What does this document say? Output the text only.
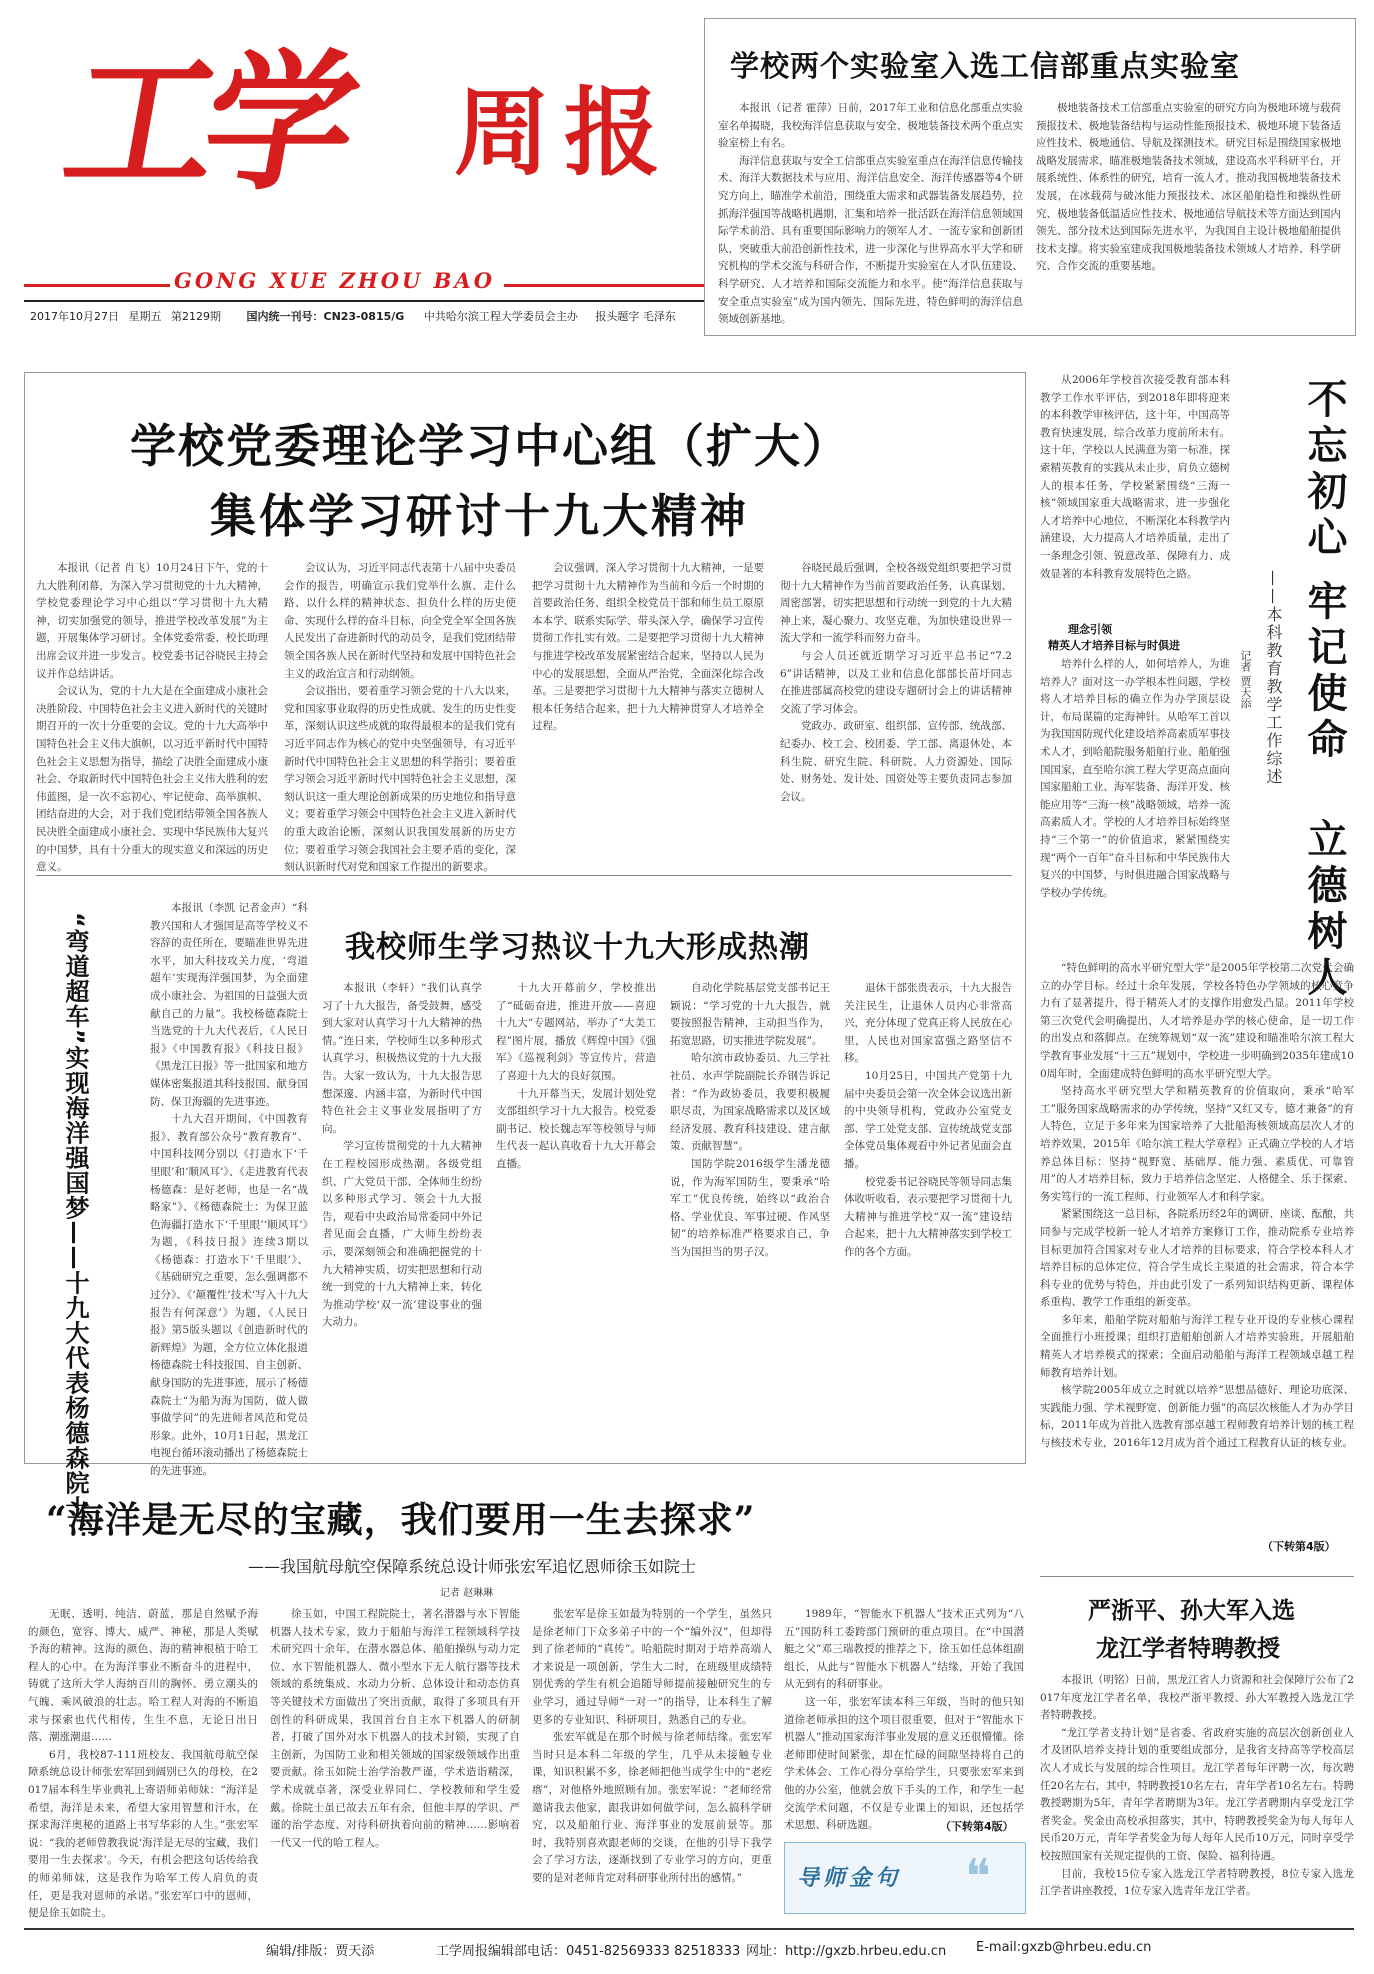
工学 周报
GONG XUE ZHOU BAO
2017年10月27日 星期五 第2129期 国内统一刊号：CN23-0815/G 中共哈尔滨工程大学委员会主办 报头题字 毛泽东
学校两个实验室入选工信部重点实验室

本报讯（记者 霍萍）日前，2017年工业和信息化部重点实验室名单揭晓，我校海洋信息获取与安全、极地装备技术两个重点实验室榜上有名。

海洋信息获取与安全工信部重点实验室重点在海洋信息传输技术、海洋大数据技术与应用、海洋信息安全、海洋传感器等4个研究方向上，瞄准学术前沿，围绕重大需求和武器装备发展趋势，拉抓海洋强国等战略机遇期，汇集和培养一批活跃在海洋信息领域国际学术前沿、具有重要国际影响力的领军人才、一流专家和创新团队，突破重大前沿创新性技术，进一步深化与世界高水平大学和研究机构的学术交流与科研合作，不断提升实验室在人才队伍建设、科学研究、人才培养和国际交流能力和水平。使“海洋信息获取与安全重点实验室”成为国内领先、国际先进、特色鲜明的海洋信息领域创新基地。

极地装备技术工信部重点实验室的研究方向为极地环境与载荷预报技术、极地装备结构与运动性能预报技术、极地环境下装备适应性技术、极地通信、导航及探测技术。研究目标是围绕国家极地战略发展需求，瞄准极地装备技术领域，建设高水平科研平台，开展系统性、体系性的研究，培育一流人才，推动我国极地装备技术发展，在冰载荷与破冰能力预报技术、冰区船舶稳性和操纵性研究、极地装备低温适应性技术、极地通信导航技术等方面达到国内领先、部分技术达到国际先进水平，为我国自主设计极地船舶提供技术支撑。将实验室建成我国极地装备技术领域人才培养、科学研究、合作交流的重要基地。

学校党委理论学习中心组（扩大）
集体学习研讨十九大精神

本报讯（记者 肖飞）10月24日下午，党的十九大胜利闭幕，为深入学习贯彻党的十九大精神，学校党委理论学习中心组以“学习贯彻十九大精神，切实加强党的领导，推进学校改革发展”为主题，开展集体学习研讨。全体党委常委、校长助理出席会议并进一步发言。校党委书记谷晓民主持会议并作总结讲话。

会议认为，党的十九大是在全面建成小康社会决胜阶段、中国特色社会主义进入新时代的关键时期召开的一次十分重要的会议。党的十九大高举中国特色社会主义伟大旗帜，以习近平新时代中国特色社会主义思想为指导，描绘了决胜全面建成小康社会、夺取新时代中国特色社会主义伟大胜利的宏伟蓝图，是一次不忘初心、牢记使命、高举旗帜、团结奋进的大会，对于我们党团结带领全国各族人民决胜全面建成小康社会、实现中华民族伟大复兴的中国梦，具有十分重大的现实意义和深远的历史意义。

会议认为，习近平同志代表第十八届中央委员会作的报告，明确宣示我们党举什么旗、走什么路、以什么样的精神状态、担负什么样的历史使命、实现什么样的奋斗目标，向全党全军全国各族人民发出了奋进新时代的动员令，是我们党团结带领全国各族人民在新时代坚持和发展中国特色社会主义的政治宣言和行动纲领。

会议指出，要着重学习领会党的十八大以来，党和国家事业取得的历史性成就、发生的历史性变革，深刻认识这些成就的取得最根本的是我们党有习近平同志作为核心的党中央坚强领导，有习近平新时代中国特色社会主义思想的科学指引；要着重学习领会习近平新时代中国特色社会主义思想，深刻认识这一重大理论创新成果的历史地位和指导意义；要着重学习领会中国特色社会主义进入新时代的重大政治论断，深刻认识我国发展新的历史方位；要着重学习领会我国社会主要矛盾的变化，深刻认识新时代对党和国家工作提出的新要求。

会议强调，深入学习贯彻十九大精神，一是要把学习贯彻十九大精神作为当前和今后一个时期的首要政治任务，组织全校党员干部和师生员工原原本本学、联系实际学、带头深入学，确保学习宣传贯彻工作扎实有效。二是要把学习贯彻十九大精神与推进学校改革发展紧密结合起来，坚持以人民为中心的发展思想，全面从严治党，全面深化综合改革。三是要把学习贯彻十九大精神与落实立德树人根本任务结合起来，把十九大精神贯穿人才培养全过程。

谷晓民最后强调，全校各级党组织要把学习贯彻十九大精神作为当前首要政治任务，认真谋划、周密部署，切实把思想和行动统一到党的十九大精神上来，凝心聚力、攻坚克难，为加快建设世界一流大学和一流学科而努力奋斗。

与会人员还就近期学习习近平总书记“7.26”讲话精神，以及工业和信息化部部长苗圩同志在推进部属高校党的建设专题研讨会上的讲话精神交流了学习体会。

党政办、政研室、组织部、宣传部、统战部、纪委办、校工会、校团委、学工部、离退休处、本科生院、研究生院、科研院、人力资源处、国际处、财务处、发计处、国资处等主要负责同志参加会议。

“弯道超车”实现海洋强国梦——十九大代表杨德森院士：

本报讯（李凯 记者金声）“科教兴国和人才强国是高等学校义不容辞的责任所在，要瞄准世界先进水平，加大科技攻关力度，‘弯道超车’实现海洋强国梦，为全面建成小康社会、为祖国的日益强大贡献自己的力量”。我校杨德森院士当选党的十九大代表后，《人民日报》《中国教育报》《科技日报》《黑龙江日报》等一批国家和地方媒体密集报道其科技报国、献身国防、保卫海疆的先进事迹。

十九大召开期间，《中国教育报》、教育部公众号“教育教育”、中国科技网分别以《打造水下‘千里眼’和‘顺风耳’》、《走进教育代表杨德森：是好老师，也是一名“战略家”》、《杨德森院士：为保卫蓝色海疆打造水下‘千里眼’‘顺风耳’》为题，《科技日报》连续3期以《杨德森：打造水下‘千里眼’》、《基础研究之重要，怎么强调都不过分》、《‘颠覆性’技术‘写入十九大报告有何深意’》为题，《人民日报》第5版头题以《创造新时代的新辉煌》为题，全方位立体化报道杨德森院士科技报国、自主创新、献身国防的先进事迹，展示了杨德森院士“为船为海为国防，做人做事做学问”的先进师者风范和党员形象。此外，10月1日起，黑龙江电视台循环滚动播出了杨德森院士的先进事迹。

我校师生学习热议十九大形成热潮

本报讯（李轩）“我们认真学习了十九大报告，备受鼓舞，感受到大家对认真学习十九大精神的热情。”连日来，学校师生以多种形式认真学习、积极热议党的十九大报告。大家一致认为，十九大报告思想深邃、内涵丰富，为新时代中国特色社会主义事业发展指明了方向。

学习宣传贯彻党的十九大精神在工程校园形成热潮。各级党组织、广大党员干部、全体师生纷纷以多种形式学习、领会十九大报告，观看中央政治局常委同中外记者见面会直播，广大师生纷纷表示，要深刻领会和准确把握党的十九大精神实质，切实把思想和行动统一到党的十九大精神上来，转化为推动学校‘双一流’建设事业的强大动力。

十九大开幕前夕，学校推出了“砥砺奋进，推进开放——喜迎十九大”专题网站，举办了“大美工程”图片展，播放《辉煌中国》《强军》《巡视利剑》等宣传片，营造了喜迎十九大的良好氛围。

十九开幕当天，发展计划处党支部组织学习十九大报告。校党委副书记、校长魏志军等校领导与师生代表一起认真收看十九大开幕会直播。

自动化学院基层党支部书记王颖说：“学习党的十九大报告，就要按照报告精神，主动担当作为，拓宽思路，切实推进学院发展”。

哈尔滨市政协委员、九三学社社员、水声学院副院长乔钢告诉记者：“作为政协委员，我要积极履职尽责，为国家战略需求以及区域经济发展、教育科技建设、建言献策、贡献智慧”。

国防学院2016级学生潘龙德说，作为海军国防生，要秉承“哈军工”优良传统，始终以“政治合格、学业优良、军事过硬、作风坚韧”的培养标准严格要求自己，争当为国担当的男子汉。

退休干部张贵表示，十九大报告关注民生，让退休人员内心非常高兴，充分体现了党真正将人民放在心里，人民也对国家富强之路坚信不移。

10月25日，中国共产党第十九届中央委员会第一次全体会议选出新的中央领导机构，党政办公室党支部、学工处党支部、宣传统战党支部全体党员集体观看中外记者见面会直播。

校党委书记谷晓民等领导同志集体收听收看，表示要把学习贯彻十九大精神与推进学校“双一流”建设结合起来，把十九大精神落实到学校工作的各个方面。

从2006年学校首次接受教育部本科教学工作水平评估，到2018年即将迎来的本科教学审核评估，这十年，中国高等教育快速发展，综合改革力度前所未有。这十年，学校以人民满意为第一标准，探索精英教育的实践从未止步，肩负立德树人的根本任务，学校紧紧围绕“三海一核”领域国家重大战略需求，进一步强化人才培养中心地位，不断深化本科教学内涵建设，大力提高人才培养质量，走出了一条理念引领、锐意改革、保障有力、成效显著的本科教育发展特色之路。

不忘初心
牢记使命
立德树人
——本科教育教学工作综述
记者 贾天添
理念引领
精英人才培养目标与时俱进

培养什么样的人，如何培养人，为谁培养人？面对这一办学根本性问题，学校将人才培养目标的确立作为办学顶层设计，布局谋篇的定海神针。从哈军工首以为我国国防现代化建设培养高素质军事技术人才，到哈船院服务船舶行业、船舶强国国家，直至哈尔滨工程大学更高点面向国家船舶工业、海军装备、海洋开发、核能应用等“三海一核”战略领域，培养一流高素质人才。学校的人才培养目标始终坚持“三个第一”的价值追求，紧紧围绕实现“两个一百年”奋斗目标和中华民族伟大复兴的中国梦，与时俱进融合国家战略与学校办学传统。

“特色鲜明的高水平研究型大学”是2005年学校第二次党代会确立的办学目标。经过十余年发展，学校各特色办学领域的核心竞争力有了显著提升，得于精英人才的支撑作用愈发凸显。2011年学校第三次党代会明确提出，人才培养是办学的核心使命，是一切工作的出发点和落脚点。在统筹规划“双一流”建设和瞄准哈尔滨工程大学教育事业发展“十三五”规划中，学校进一步明确到2035年建成100周年时，全面建成特色鲜明的高水平研究型大学。

坚持高水平研究型大学和精英教育的价值取向，秉承“哈军工”服务国家战略需求的办学传统，坚持“又红又专，德才兼备”的育人特色，立足于多年来为国家培养了大批船海核领域高层次人才的培养效果，2015年《哈尔滨工程大学章程》正式确立学校的人才培养总体目标：坚持“视野宽、基础厚、能力强、素质优、可靠管用”的人才培养目标，致力于培养信念坚定、人格健全、乐于探索、务实笃行的一流工程师、行业领军人才和科学家。

紧紧围绕这一总目标，各院系历经2年的调研、座谈、酝酿，共同参与完成学校新一轮人才培养方案修订工作，推动院系专业培养目标更加符合国家对专业人才培养的目标要求，符合学校本科人才培养目标的总体定位，符合学生成长主渠道的社会需求，符合本学科专业的优势与特色，并由此引发了一系列知识结构更新、课程体系重构、教学工作重组的新变革。

多年来，船舶学院对船舶与海洋工程专业开设的专业核心课程全面推行小班授课；组织打造船舶创新人才培养实验班，开展船舶精英人才培养模式的探索；全面启动船舶与海洋工程领域卓越工程师教育培养计划。

核学院2005年成立之时就以培养“思想品德好、理论功底深、实践能力强、学术视野宽、创新能力强”的高层次核能人才为办学目标，2011年成为首批入选教育部卓越工程师教育培养计划的核工程与核技术专业，2016年12月成为首个通过工程教育认证的核专业。

（下转第4版）
“海洋是无尽的宝藏，我们要用一生去探求”
——我国航母航空保障系统总设计师张宏军追忆恩师徐玉如院士
记者 赵琳琳

无眠、透明、纯洁、蔚蓝，那是自然赋予海的颜色，宽容、博大、威严、神秘，那是人类赋予海的精神。这海的颜色、海的精神根植于哈工程人的心中。在为海洋事业不断奋斗的进程中，铸就了这所大学人海纳百川的胸怀、勇立潮头的气魄、乘风破浪的壮志。哈工程人对海的不断追求与探索也代代相传，生生不息，无论日出日落、潮涨潮退……

6月，我校87-111班校友、我国航母航空保障系统总设计师张宏军回到阔别已久的母校，在2017届本科生毕业典礼上寄语师弟师妹：“海洋是希望，海洋是未来，希望大家用智慧和汗水，在探求海洋奥秘的道路上书写华彩的人生。”张宏军说：“我的老师曾教我说‘海洋是无尽的宝藏，我们要用一生去探求’。今天，有机会把这句话传给我的师弟师妹，这是我作为哈军工传人肩负的责任，更是我对恩师的承诺。”张宏军口中的恩师，便是徐玉如院士。

徐玉如，中国工程院院士，著名潜器与水下智能机器人技术专家，致力于船舶与海洋工程领域科学技术研究四十余年，在潜水器总体、船舶操纵与动力定位、水下智能机器人、微小型水下无人航行器等技术领域的系统集成、水动力分析、总体设计和动态仿真等关键技术方面做出了突出贡献，取得了多项具有开创性的科研成果，我国首台自主水下机器人的研制者，打破了国外对水下机器人的技术封锁，实现了自主创新，为国防工业和相关领域的国家级领域作出重要贡献。徐玉如院士治学治教严谨，学术造诣精深，学术成就卓著，深受业界同仁、学校教师和学生爱戴。徐院士虽已故去五年有余，但他丰厚的学识、严谨的治学态度、对待科研执着向前的精神……影响着一代又一代的哈工程人。

张宏军是徐玉如最为特别的一个学生，虽然只是徐老师门下众多弟子中的一个“编外汉”，但却得到了徐老师的“真传”。哈船院时期对于培养高端人才来说是一项创新，学生大二时，在班级里成绩特别优秀的学生有机会追随导师提前接触研究生的专业学习，通过导师“一对一”的指导，让本科生了解更多的专业知识、科研项目，熟悉自己的专业。

张宏军就是在那个时候与徐老师结缘。张宏军当时只是本科二年级的学生，几乎从未接触专业课，知识积累不多，徐老师把他当成学生中的“老疙瘩”，对他格外地照顾有加。张宏军说：“老师经常邀请我去他家，跟我讲如何做学问，怎么搞科学研究，以及船舶行业、海洋事业的发展前景等。那时，我特别喜欢跟老师的交谈，在他的引导下我学会了学习方法，逐渐找到了专业学习的方向，更重要的是对老师肯定对科研事业所付出的感情。”

1989年，“智能水下机器人”技术正式列为“八五”国防科工委跨部门预研的重点项目。在“中国潜艇之父”邓三瑞教授的推荐之下，徐玉如任总体组副组长，从此与“智能水下机器人”结缘，开始了我国从无到有的科研事业。

这一年，张宏军读本科三年级，当时的他只知道徐老师承担的这个项目很重要，但对于“智能水下机器人”推动国家海洋事业发展的意义还很懵懂。徐老师即使时间紧张，却在忙碌的间隙坚持将自己的学术体会、工作心得分享给学生，只要张宏军来到他的办公室，他就会放下手头的工作，和学生一起交流学术问题，不仅是专业课上的知识，还包括学术思想、科研选题。	（下转第4版）
导师金句 ❝
严浙平、孙大军入选
龙江学者特聘教授

本报讯（明铭）日前，黑龙江省人力资源和社会保障厅公布了2017年度龙江学者名单，我校严浙平教授、孙大军教授入选龙江学者特聘教授。

“龙江学者支持计划”是省委、省政府实施的高层次创新创业人才及团队培养支持计划的重要组成部分，是我省支持高等学校高层次人才成长与发展的综合性项目。龙江学者每年评聘一次，每次聘任20名左右，其中，特聘教授10名左右，青年学者10名左右。特聘教授聘期为5年，青年学者聘期为3年。龙江学者聘期内享受龙江学者奖金。奖金由高校承担落实，其中，特聘教授奖金为每人每年人民币20万元，青年学者奖金为每人每年人民币10万元，同时享受学校按照国家有关规定提供的工资、保险、福利待遇。

目前，我校15位专家入选龙江学者特聘教授，8位专家入选龙江学者讲座教授，1位专家入选青年龙江学者。

编辑/排版：贾天添	工学周报编辑部电话：0451-82569333 82518333 网址：http://gxzb.hrbeu.edu.cn E-mail:gxzb@hrbeu.edu.cn
